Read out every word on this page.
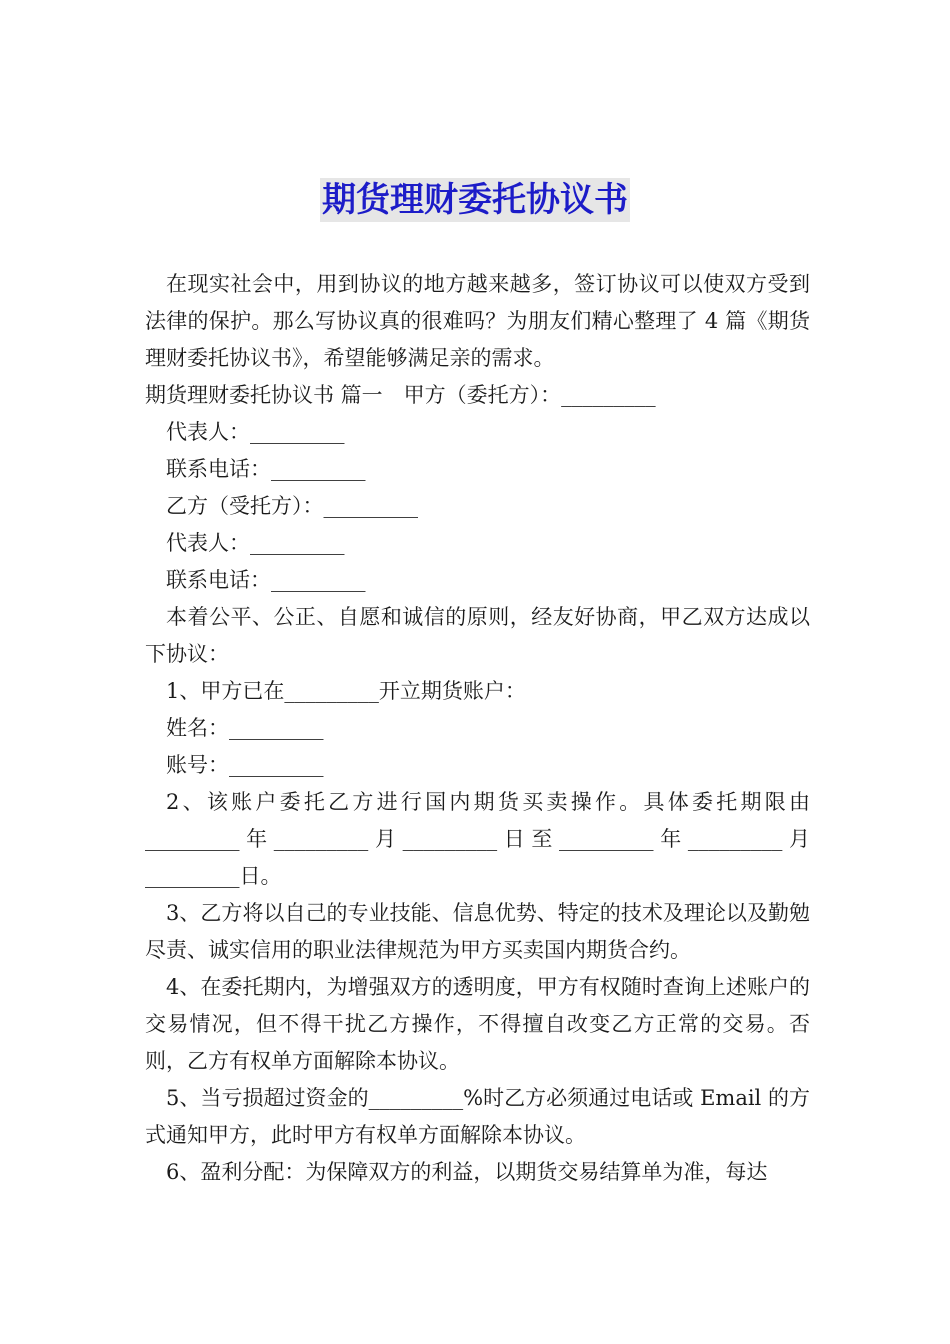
期货理财委托协议书

在现实社会中，用到协议的地方越来越多，签订协议可以使双方受到法律的保护。那么写协议真的很难吗？为朋友们精心整理了 4 篇《期货理财委托协议书》，希望能够满足亲的需求。

期货理财委托协议书 篇一　甲方（委托方）：_________

代表人：_________

联系电话：_________

乙方（受托方）：_________

代表人：_________

联系电话：_________

本着公平、公正、自愿和诚信的原则，经友好协商，甲乙双方达成以下协议：

1、甲方已在_________开立期货账户：

姓名：_________

账号：_________

2、该账户委托乙方进行国内期货买卖操作。具体委托期限由_________年_________月_________日至_________年_________月_________日。

3、乙方将以自己的专业技能、信息优势、特定的技术及理论以及勤勉尽责、诚实信用的职业法律规范为甲方买卖国内期货合约。

4、在委托期内，为增强双方的透明度，甲方有权随时查询上述账户的交易情况，但不得干扰乙方操作，不得擅自改变乙方正常的交易。否则，乙方有权单方面解除本协议。

5、当亏损超过资金的_________%时乙方必须通过电话或 Email 的方式通知甲方，此时甲方有权单方面解除本协议。

6、盈利分配：为保障双方的利益，以期货交易结算单为准，每达
